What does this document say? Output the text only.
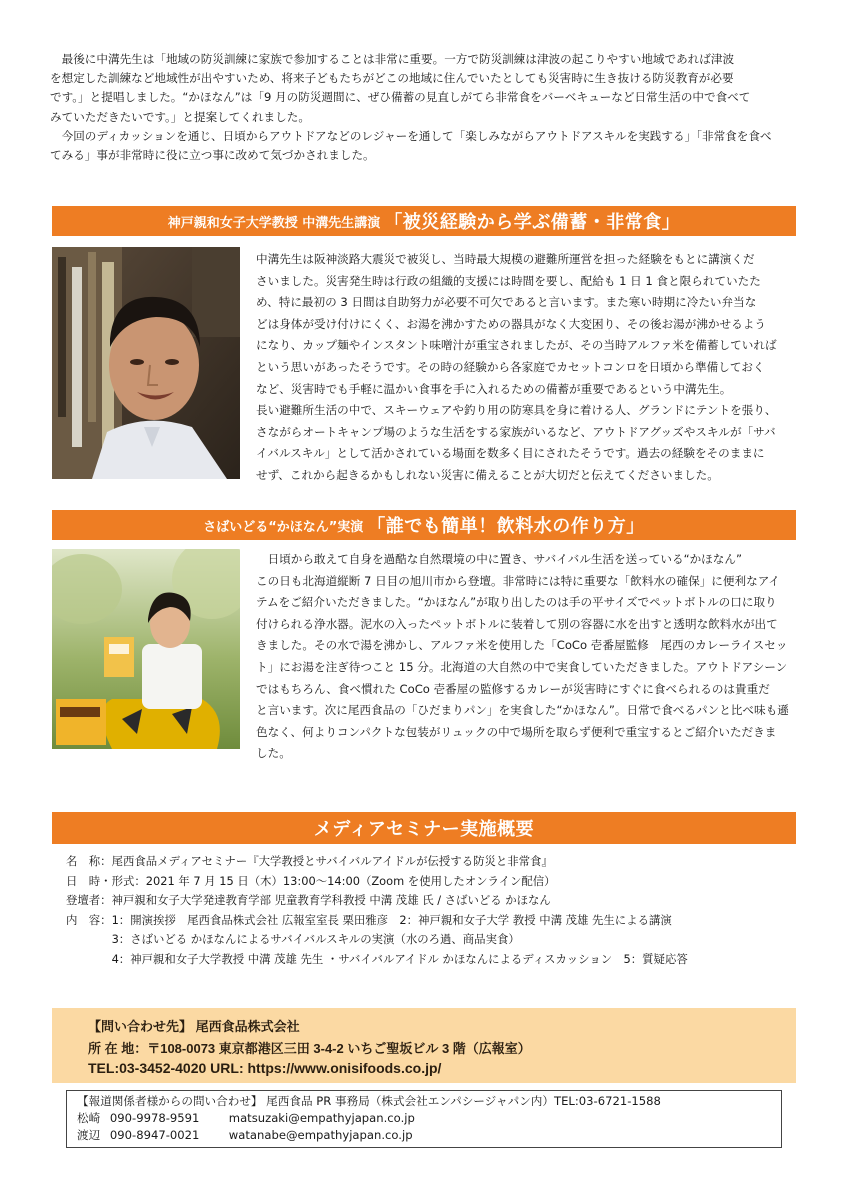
　最後に中溝先生は「地域の防災訓練に家族で参加することは非常に重要。一方で防災訓練は津波の起こりやすい地域であれば津波
を想定した訓練など地域性が出やすいため、将来子どもたちがどこの地域に住んでいたとしても災害時に生き抜ける防災教育が必要
です。」と提唱しました。“かほなん”は「9 月の防災週間に、ぜひ備蓄の見直しがてら非常食をバーベキューなど日常生活の中で食べて
みていただきたいです。」と提案してくれました。
　今回のディカッションを通じ、日頃からアウトドアなどのレジャーを通して「楽しみながらアウトドアスキルを実践する」「非常食を食べ
てみる」事が非常時に役に立つ事に改めて気づかされました。
神戸親和女子大学教授 中溝先生講演 「被災経験から学ぶ備蓄・非常食」
中溝先生は阪神淡路大震災で被災し、当時最大規模の避難所運営を担った経験をもとに講演くだ
さいました。災害発生時は行政の組織的支援には時間を要し、配給も 1 日 1 食と限られていたた
め、特に最初の 3 日間は自助努力が必要不可欠であると言います。また寒い時期に冷たい弁当な
どは身体が受け付けにくく、お湯を沸かすための器具がなく大変困り、その後お湯が沸かせるよう
になり、カップ麺やインスタント味噌汁が重宝されましたが、その当時アルファ米を備蓄していれば
という思いがあったそうです。その時の経験から各家庭でカセットコンロを日頃から準備しておく
など、災害時でも手軽に温かい食事を手に入れるための備蓄が重要であるという中溝先生。
長い避難所生活の中で、スキーウェアや釣り用の防寒具を身に着ける人、グランドにテントを張り、
さながらオートキャンプ場のような生活をする家族がいるなど、アウトドアグッズやスキルが「サバ
イバルスキル」として活かされている場面を数多く目にされたそうです。過去の経験をそのままに
せず、これから起きるかもしれない災害に備えることが大切だと伝えてくださいました。
さばいどる“かほなん”実演 「誰でも簡単！飲料水の作り方」
　日頃から敢えて自身を過酷な自然環境の中に置き、サバイバル生活を送っている“かほなん”
この日も北海道縦断 7 日目の旭川市から登壇。非常時には特に重要な「飲料水の確保」に便利なアイ
テムをご紹介いただきました。“かほなん”が取り出したのは手の平サイズでペットボトルの口に取り
付けられる浄水器。泥水の入ったペットボトルに装着して別の容器に水を出すと透明な飲料水が出て
きました。その水で湯を沸かし、アルファ米を使用した「CoCo 壱番屋監修　尾西のカレーライスセッ
ト」にお湯を注ぎ待つこと 15 分。北海道の大自然の中で実食していただきました。アウトドアシーン
ではもちろん、食べ慣れた CoCo 壱番屋の監修するカレーが災害時にすぐに食べられるのは貴重だ
と言います。次に尾西食品の「ひだまりパン」を実食した“かほなん”。日常で食べるパンと比べ味も遜
色なく、何よりコンパクトな包装がリュックの中で場所を取らず便利で重宝するとご紹介いただきま
した。
メディアセミナー実施概要
名　称：尾西食品メディアセミナー『大学教授とサバイバルアイドルが伝授する防災と非常食』
日　時・形式：2021 年 7 月 15 日（木）13:00～14:00（Zoom を使用したオンライン配信）
登壇者：神戸親和女子大学発達教育学部 児童教育学科教授 中溝 茂雄 氏 / さばいどる かほなん
内　容：1：開演挨拶　尾西食品株式会社 広報室室長 栗田雅彦　2：神戸親和女子大学 教授 中溝 茂雄 先生による講演
　　　　3：さばいどる かほなんによるサバイバルスキルの実演（水のろ過、商品実食）
　　　　4：神戸親和女子大学教授 中溝 茂雄 先生 ・サバイバルアイドル かほなんによるディスカッション　5：質疑応答
【問い合わせ先】 尾西食品株式会社
所 在 地：〒108-0073 東京都港区三田 3-4-2 いちご聖坂ビル 3 階（広報室）
TEL:03-3452-4020 URL: https://www.onisifoods.co.jp/
【報道関係者様からの問い合わせ】 尾西食品 PR 事務局（株式会社エンパシージャパン内）TEL:03-6721-1588
松崎 090-9978-9591	matsuzaki@empathyjapan.co.jp
渡辺 090-8947-0021	watanabe@empathyjapan.co.jp
